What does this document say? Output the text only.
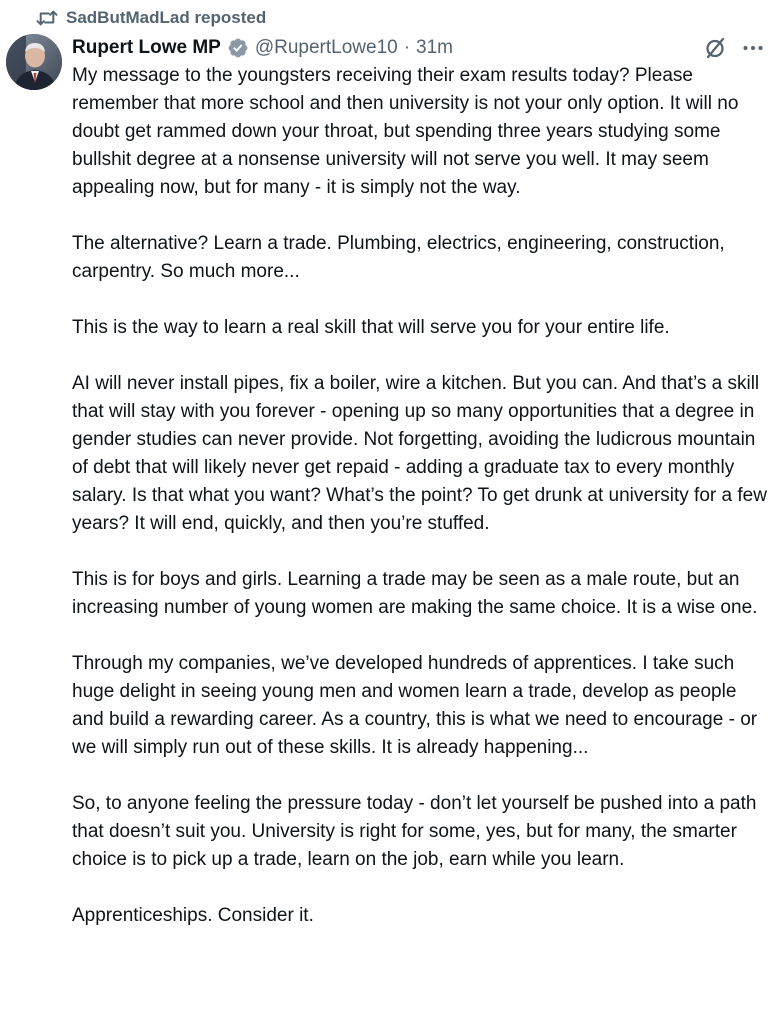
SadButMadLad reposted
Rupert Lowe MP @RupertLowe10 · 31m

My message to the youngsters receiving their exam results today? Please remember that more school and then university is not your only option. It will no doubt get rammed down your throat, but spending three years studying some bullshit degree at a nonsense university will not serve you well. It may seem appealing now, but for many - it is simply not the way.

The alternative? Learn a trade. Plumbing, electrics, engineering, construction, carpentry. So much more...

This is the way to learn a real skill that will serve you for your entire life.

AI will never install pipes, fix a boiler, wire a kitchen. But you can. And that’s a skill that will stay with you forever - opening up so many opportunities that a degree in gender studies can never provide. Not forgetting, avoiding the ludicrous mountain of debt that will likely never get repaid - adding a graduate tax to every monthly salary. Is that what you want? What’s the point? To get drunk at university for a few years? It will end, quickly, and then you’re stuffed.

This is for boys and girls. Learning a trade may be seen as a male route, but an increasing number of young women are making the same choice. It is a wise one.

Through my companies, we’ve developed hundreds of apprentices. I take such huge delight in seeing young men and women learn a trade, develop as people and build a rewarding career. As a country, this is what we need to encourage - or we will simply run out of these skills. It is already happening...

So, to anyone feeling the pressure today - don’t let yourself be pushed into a path that doesn’t suit you. University is right for some, yes, but for many, the smarter choice is to pick up a trade, learn on the job, earn while you learn.

Apprenticeships. Consider it.
